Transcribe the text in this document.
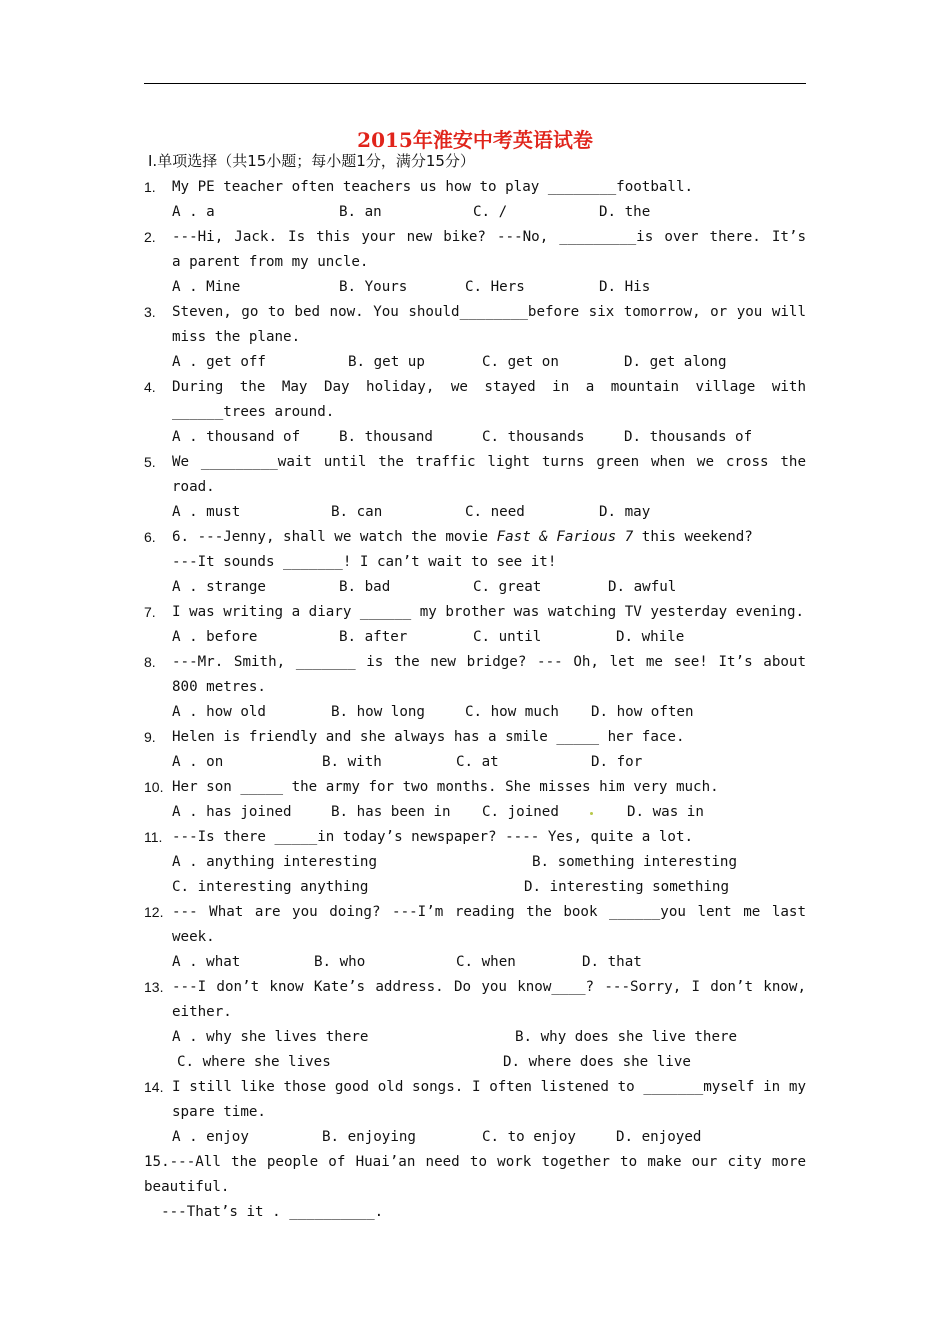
2015年淮安中考英语试卷
Ⅰ.单项选择（共15小题；每小题1分，满分15分）
1. My PE teacher often teachers us how to play ________football.
A . a	B. an	C. /	D. the
2. ---Hi, Jack. Is this your new bike? ---No, _________is over there. It’s
a parent from my uncle.
A . Mine	B. Yours	C. Hers	D. His
3. Steven, go to bed now. You should________before six tomorrow, or you will
miss the plane.
A . get off	B. get up	C. get on	D. get along
4. During the May Day holiday, we stayed in a mountain village with
______trees around.
A . thousand of	B. thousand	C. thousands	D. thousands of
5. We _________wait until the traffic light turns green when we cross the
road.
A . must	B. can	C. need	D. may
6. 6. ---Jenny, shall we watch the movie Fast & Farious 7 this weekend?
---It sounds _______! I can’t wait to see it!
A . strange	B. bad	C. great	D. awful
7. I was writing a diary ______ my brother was watching TV yesterday evening.
A . before	B. after	C. until	D. while
8. ---Mr. Smith, _______ is the new bridge? --- Oh, let me see! It’s about
800 metres.
A . how old	B. how long	C. how much D. how often
9. Helen is friendly and she always has a smile _____ her face.
A . on	B. with	C. at	D. for
10. Her son _____ the army for two months. She misses him very much.
A . has joined	B. has been in C. joined	D. was in
11. ---Is there _____in today’s newspaper? ---- Yes, quite a lot.
A . anything interesting	B. something interesting
C. interesting anything	D. interesting something
12. --- What are you doing? ---I’m reading the book ______you lent me last
week.
A . what	B. who	C. when	D. that
13. ---I don’t know Kate’s address. Do you know____? ---Sorry, I don’t know,
either.
A . why she lives there	B. why does she live there
C. where she lives	D. where does she live
14. I still like those good old songs. I often listened to _______myself in my
spare time.
A . enjoy	B. enjoying	C. to enjoy	D. enjoyed
15.---All the people of Huai’an need to work together to make our city more
beautiful.
---That’s it . __________.
